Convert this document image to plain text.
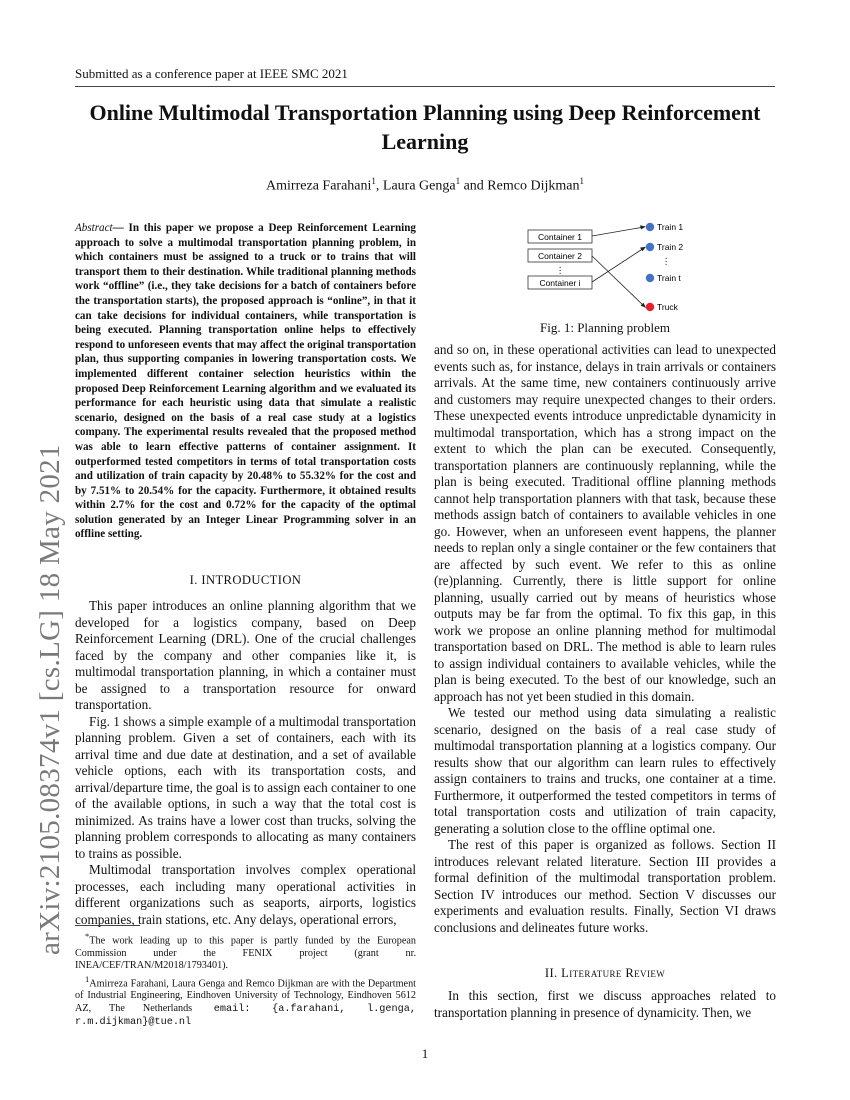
Submitted as a conference paper at IEEE SMC 2021
Online Multimodal Transportation Planning using Deep Reinforcement Learning
Amirreza Farahani$^1$, Laura Genga$^1$ and Remco Dijkman$^1$
arXiv:2105.08374v1 [cs.LG] 18 May 2021
Abstract— In this paper we propose a Deep Reinforcement Learning approach to solve a multimodal transportation planning problem, in which containers must be assigned to a truck or to trains that will transport them to their destination. While traditional planning methods work “offline” (i.e., they take decisions for a batch of containers before the transportation starts), the proposed approach is “online”, in that it can take decisions for individual containers, while transportation is being executed. Planning transportation online helps to effectively respond to unforeseen events that may affect the original transportation plan, thus supporting companies in lowering transportation costs. We implemented different container selection heuristics within the proposed Deep Reinforcement Learning algorithm and we evaluated its performance for each heuristic using data that simulate a realistic scenario, designed on the basis of a real case study at a logistics company. The experimental results revealed that the proposed method was able to learn effective patterns of container assignment. It outperformed tested competitors in terms of total transportation costs and utilization of train capacity by 20.48% to 55.32% for the cost and by 7.51% to 20.54% for the capacity. Furthermore, it obtained results within 2.7% for the cost and 0.72% for the capacity of the optimal solution generated by an Integer Linear Programming solver in an offline setting.
I. INTRODUCTION

This paper introduces an online planning algorithm that we developed for a logistics company, based on Deep Reinforcement Learning (DRL). One of the crucial challenges faced by the company and other companies like it, is multimodal transportation planning, in which a container must be assigned to a transportation resource for onward transportation.

Fig. 1 shows a simple example of a multimodal transportation planning problem. Given a set of containers, each with its arrival time and due date at destination, and a set of available vehicle options, each with its transportation costs, and arrival/departure time, the goal is to assign each container to one of the available options, in such a way that the total cost is minimized. As trains have a lower cost than trucks, solving the planning problem corresponds to allocating as many containers to trains as possible.

Multimodal transportation involves complex operational processes, each including many operational activities in different organizations such as seaports, airports, logistics companies, train stations, etc. Any delays, operational errors,

*The work leading up to this paper is partly funded by the European Commission under the FENIX project (grant nr. INEA/CEF/TRAN/M2018/1793401).

$^1$Amirreza Farahani, Laura Genga and Remco Dijkman are with the Department of Industrial Engineering, Eindhoven University of Technology, Eindhoven 5612 AZ, The Netherlands email: {a.farahani, l.genga, r.m.dijkman}@tue.nl

Container 1
Container 2
⋮
Container i
Train 1
Train 2
⋮
Train t
Truck
Fig. 1: Planning problem

and so on, in these operational activities can lead to unexpected events such as, for instance, delays in train arrivals or containers arrivals. At the same time, new containers continuously arrive and customers may require unexpected changes to their orders. These unexpected events introduce unpredictable dynamicity in multimodal transportation, which has a strong impact on the extent to which the plan can be executed. Consequently, transportation planners are continuously replanning, while the plan is being executed. Traditional offline planning methods cannot help transportation planners with that task, because these methods assign batch of containers to available vehicles in one go. However, when an unforeseen event happens, the planner needs to replan only a single container or the few containers that are affected by such event. We refer to this as online (re)planning. Currently, there is little support for online planning, usually carried out by means of heuristics whose outputs may be far from the optimal. To fix this gap, in this work we propose an online planning method for multimodal transportation based on DRL. The method is able to learn rules to assign individual containers to available vehicles, while the plan is being executed. To the best of our knowledge, such an approach has not yet been studied in this domain.

We tested our method using data simulating a realistic scenario, designed on the basis of a real case study of multimodal transportation planning at a logistics company. Our results show that our algorithm can learn rules to effectively assign containers to trains and trucks, one container at a time. Furthermore, it outperformed the tested competitors in terms of total transportation costs and utilization of train capacity, generating a solution close to the offline optimal one.

The rest of this paper is organized as follows. Section II introduces relevant related literature. Section III provides a formal definition of the multimodal transportation problem. Section IV introduces our method. Section V discusses our experiments and evaluation results. Finally, Section VI draws conclusions and delineates future works.

II. Literature Review

In this section, first we discuss approaches related to transportation planning in presence of dynamicity. Then, we

1
